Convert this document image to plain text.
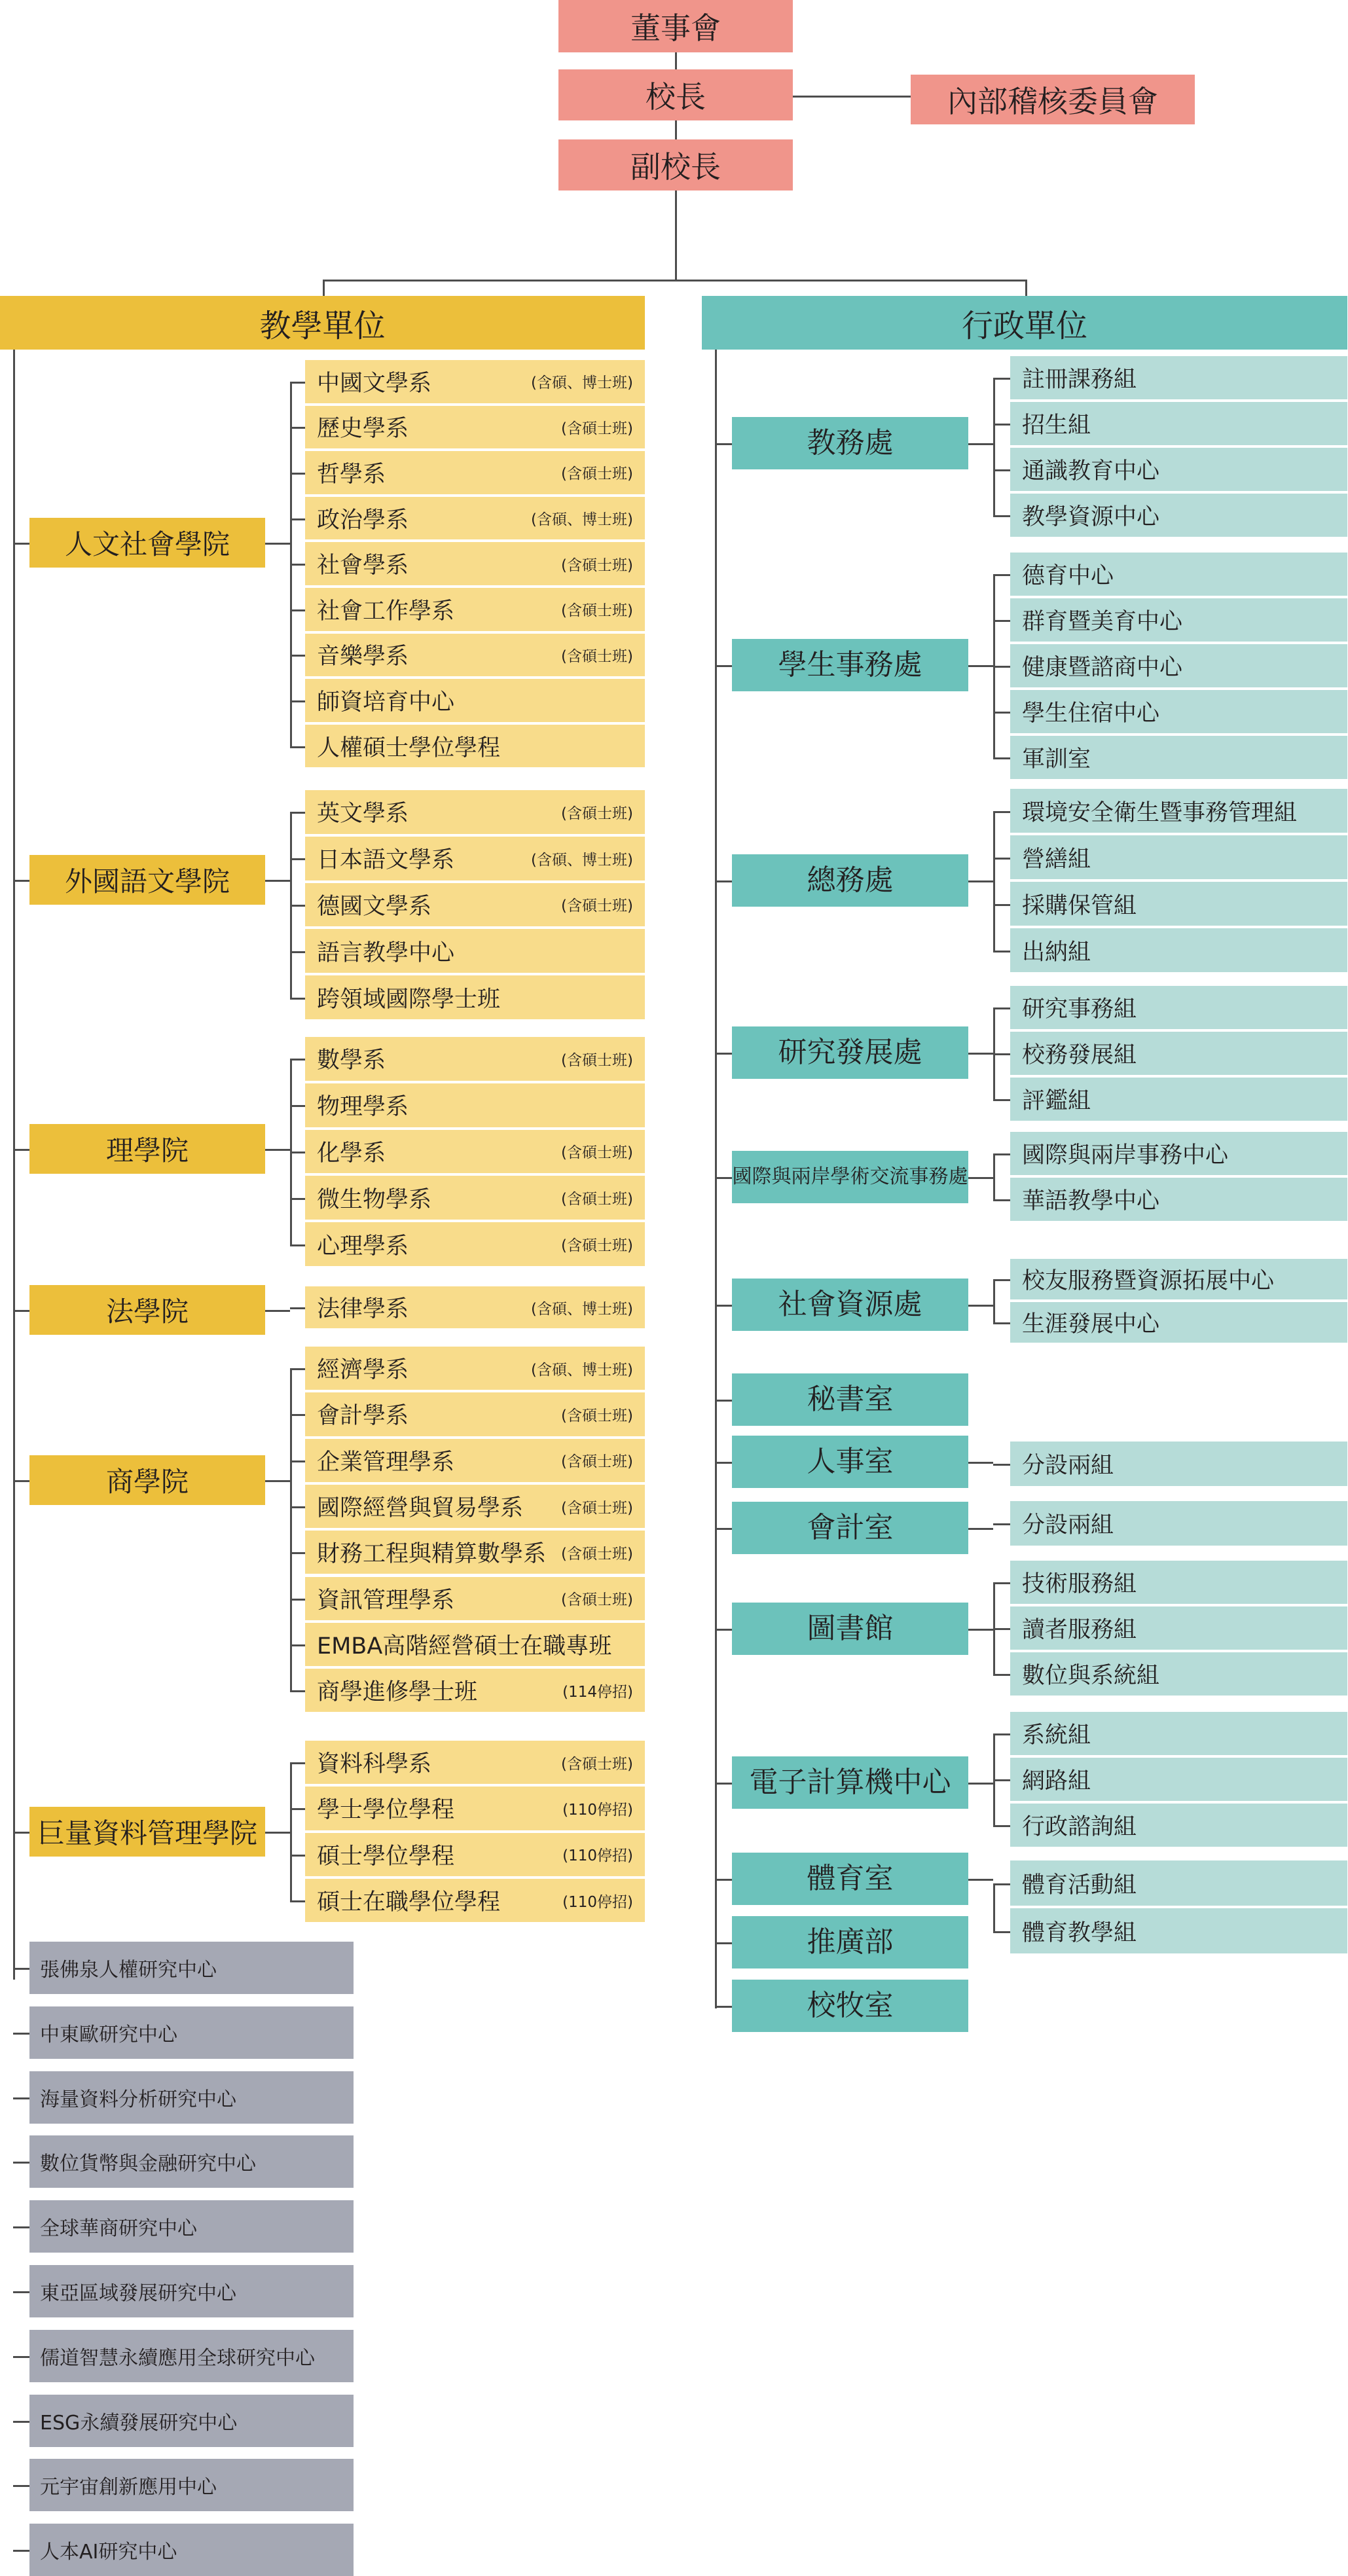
董事會
校長	內部稽核委員會
副校長
教學單位	行政單位
人文社會學院
中國文學系	(含碩、博士班)
歷史學系	(含碩士班)
哲學系	(含碩士班)
政治學系	(含碩、博士班)
社會學系	(含碩士班)
社會工作學系	(含碩士班)
音樂學系	(含碩士班)
師資培育中心
人權碩士學位學程
外國語文學院
英文學系	(含碩士班)
日本語文學系	(含碩、博士班)
德國文學系	(含碩士班)
語言教學中心
跨領域國際學士班
理學院
數學系	(含碩士班)
物理學系
化學系	(含碩士班)
微生物學系	(含碩士班)
心理學系	(含碩士班)
法學院	法律學系	(含碩、博士班)
商學院
經濟學系	(含碩、博士班)
會計學系	(含碩士班)
企業管理學系	(含碩士班)
國際經營與貿易學系	(含碩士班)
財務工程與精算數學系 (含碩士班)
資訊管理學系	(含碩士班)
EMBA高階經營碩士在職專班
商學進修學士班	(114停招)
巨量資料管理學院
資料科學系	(含碩士班)
學士學位學程	(110停招)
碩士學位學程	(110停招)
碩士在職學位學程	(110停招)
張佛泉人權研究中心
中東歐研究中心
海量資料分析研究中心
數位貨幣與金融研究中心
全球華商研究中心
東亞區域發展研究中心
儒道智慧永續應用全球研究中心
ESG永續發展研究中心
元宇宙創新應用中心
人本AI研究中心
教務處
註冊課務組
招生組
通識教育中心
教學資源中心
學生事務處
德育中心
群育暨美育中心
健康暨諮商中心
學生住宿中心
軍訓室
總務處
環境安全衛生暨事務管理組
營繕組
採購保管組
出納組
研究發展處
研究事務組
校務發展組
評鑑組
國際與兩岸學術交流事務處
國際與兩岸事務中心
華語教學中心
社會資源處
校友服務暨資源拓展中心
生涯發展中心
秘書室
人事室	分設兩組
會計室	分設兩組
圖書館
技術服務組
讀者服務組
數位與系統組
電子計算機中心
系統組
網路組
行政諮詢組
體育室	體育活動組
體育教學組
推廣部
校牧室
